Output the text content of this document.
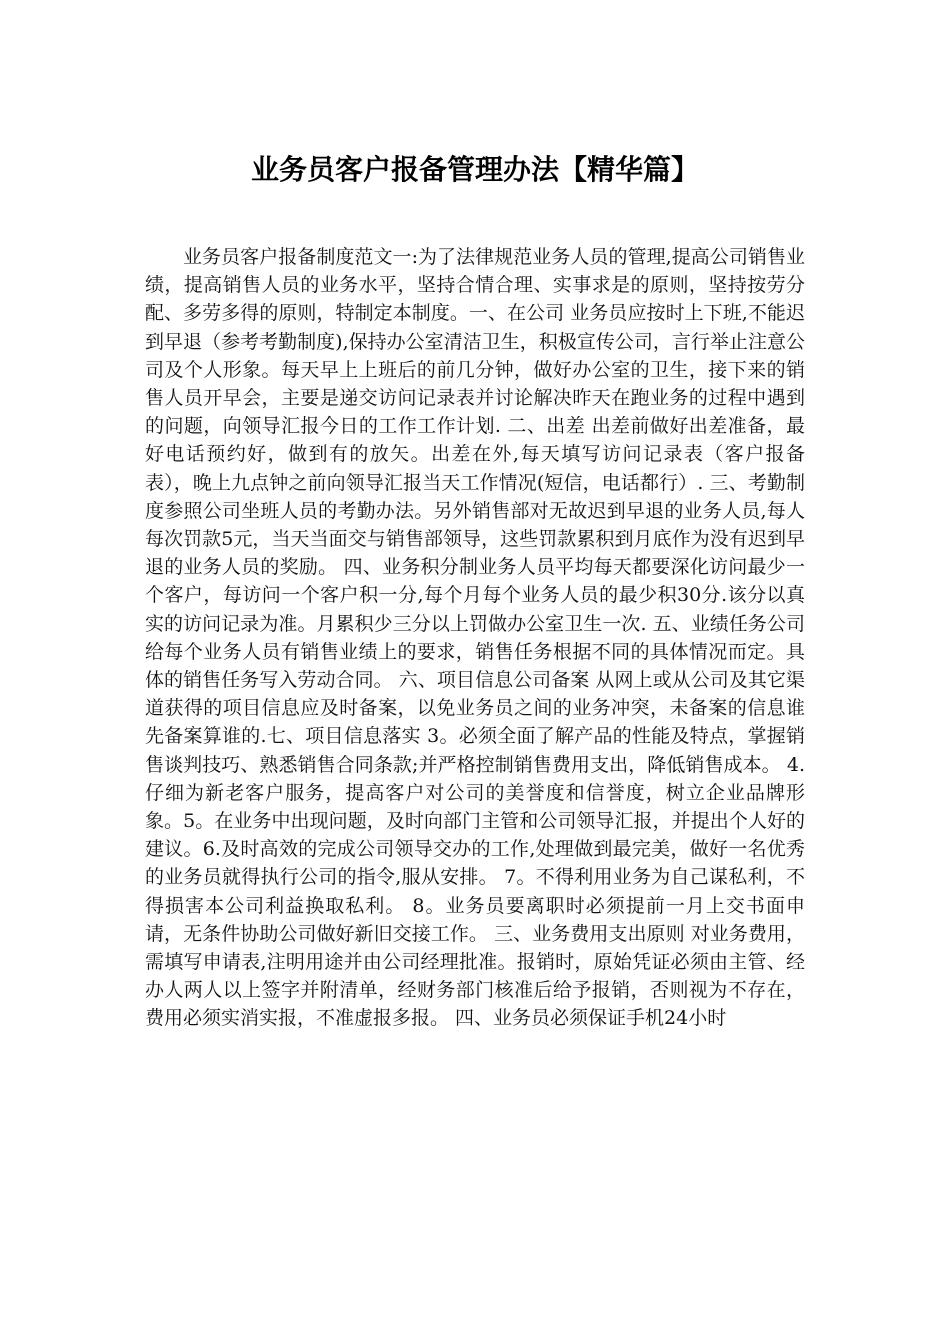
业务员客户报备管理办法【精华篇】

业务员客户报备制度范文一:为了法律规范业务人员的管理,提高公司销售业绩，提高销售人员的业务水平，坚持合情合理、实事求是的原则，坚持按劳分配、多劳多得的原则，特制定本制度。一、在公司 业务员应按时上下班,不能迟到早退（参考考勤制度),保持办公室清洁卫生，积极宣传公司，言行举止注意公司及个人形象。每天早上上班后的前几分钟，做好办公室的卫生，接下来的销售人员开早会，主要是递交访问记录表并讨论解决昨天在跑业务的过程中遇到的问题，向领导汇报今日的工作工作计划. 二、出差 出差前做好出差准备，最好电话预约好，做到有的放矢。出差在外,每天填写访问记录表（客户报备表），晚上九点钟之前向领导汇报当天工作情况(短信，电话都行）. 三、考勤制度参照公司坐班人员的考勤办法。另外销售部对无故迟到早退的业务人员,每人每次罚款5元，当天当面交与销售部领导，这些罚款累积到月底作为没有迟到早退的业务人员的奖励。 四、业务积分制业务人员平均每天都要深化访问最少一个客户，每访问一个客户积一分,每个月每个业务人员的最少积30分.该分以真实的访问记录为准。月累积少三分以上罚做办公室卫生一次. 五、业绩任务公司给每个业务人员有销售业绩上的要求，销售任务根据不同的具体情况而定。具体的销售任务写入劳动合同。 六、项目信息公司备案 从网上或从公司及其它渠道获得的项目信息应及时备案，以免业务员之间的业务冲突，未备案的信息谁先备案算谁的.七、项目信息落实 3。必须全面了解产品的性能及特点，掌握销售谈判技巧、熟悉销售合同条款;并严格控制销售费用支出，降低销售成本。 4.仔细为新老客户服务，提高客户对公司的美誉度和信誉度，树立企业品牌形象。5。在业务中出现问题，及时向部门主管和公司领导汇报，并提出个人好的建议。6.及时高效的完成公司领导交办的工作,处理做到最完美，做好一名优秀的业务员就得执行公司的指令,服从安排。 7。不得利用业务为自己谋私利，不得损害本公司利益换取私利。 8。业务员要离职时必须提前一月上交书面申请，无条件协助公司做好新旧交接工作。 三、业务费用支出原则 对业务费用，需填写申请表,注明用途并由公司经理批准。报销时，原始凭证必须由主管、经办人两人以上签字并附清单，经财务部门核准后给予报销，否则视为不存在，费用必须实消实报，不准虚报多报。 四、业务员必须保证手机24小时
